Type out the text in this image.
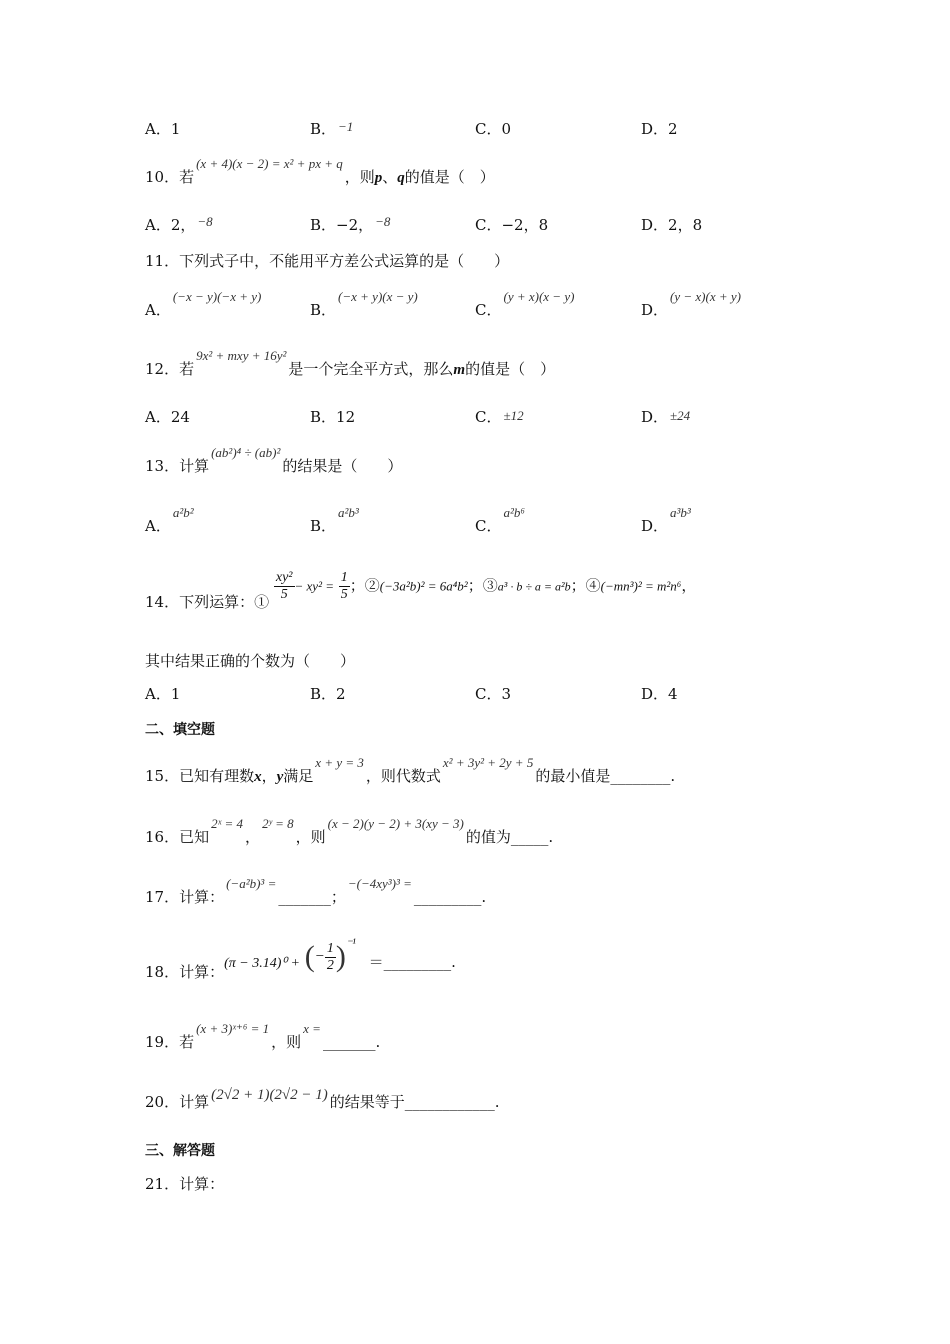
A．1	B． −1	C．0	D．2
10．若(x + 4)(x − 2) = x² + px + q，则p、q的值是（　）
A．2， −8	B．−2， −8	C．−2，8	D．2，8
11．下列式子中，不能用平方差公式运算的是（　　）
A．(−x − y)(−x + y)
B．(−x + y)(x − y)
C．(y + x)(x − y)
D．(y − x)(x + y)
12．若9x² + mxy + 16y²是一个完全平方式，那么m的值是（　）
A．24	B．12	C． ±12	D． ±24
13．计算(ab²)⁴ ÷ (ab)²的结果是（　　）
A．a²b²
B．a²b³
C．a²b⁶
D．a³b³
14．下列运算：① $\frac{\text{xy²}}{5} - xy^2 = \frac{1}{5}$ ；②(−3a²b)² = 6a⁴b²；③a³ · b ÷ a = a²b；④(−mn³)² = m²n⁶，
其中结果正确的个数为（　　）
A．1	B．2	C．3	D．4
二、填空题
15．已知有理数x，y满足x + y = 3，则代数式x² + 3y² + 2y + 5的最小值是________.
16．已知2ˣ = 4，2ʸ = 8，则(x − 2)(y − 2) + 3(xy − 3)的值为_____.
17．计算：(−a²b)³ =_______；−(−4xy³)³ =_________.
18．计算：(π − 3.14)⁰ + (− $\frac{1}{2} )^{^{-1}}$ ＝_________.
19．若(x + 3)ˣ⁺⁶ = 1，则x =_______.
20．计算 (2√2 + 1)(2√2 − 1) 的结果等于____________.
三、解答题
21．计算：
